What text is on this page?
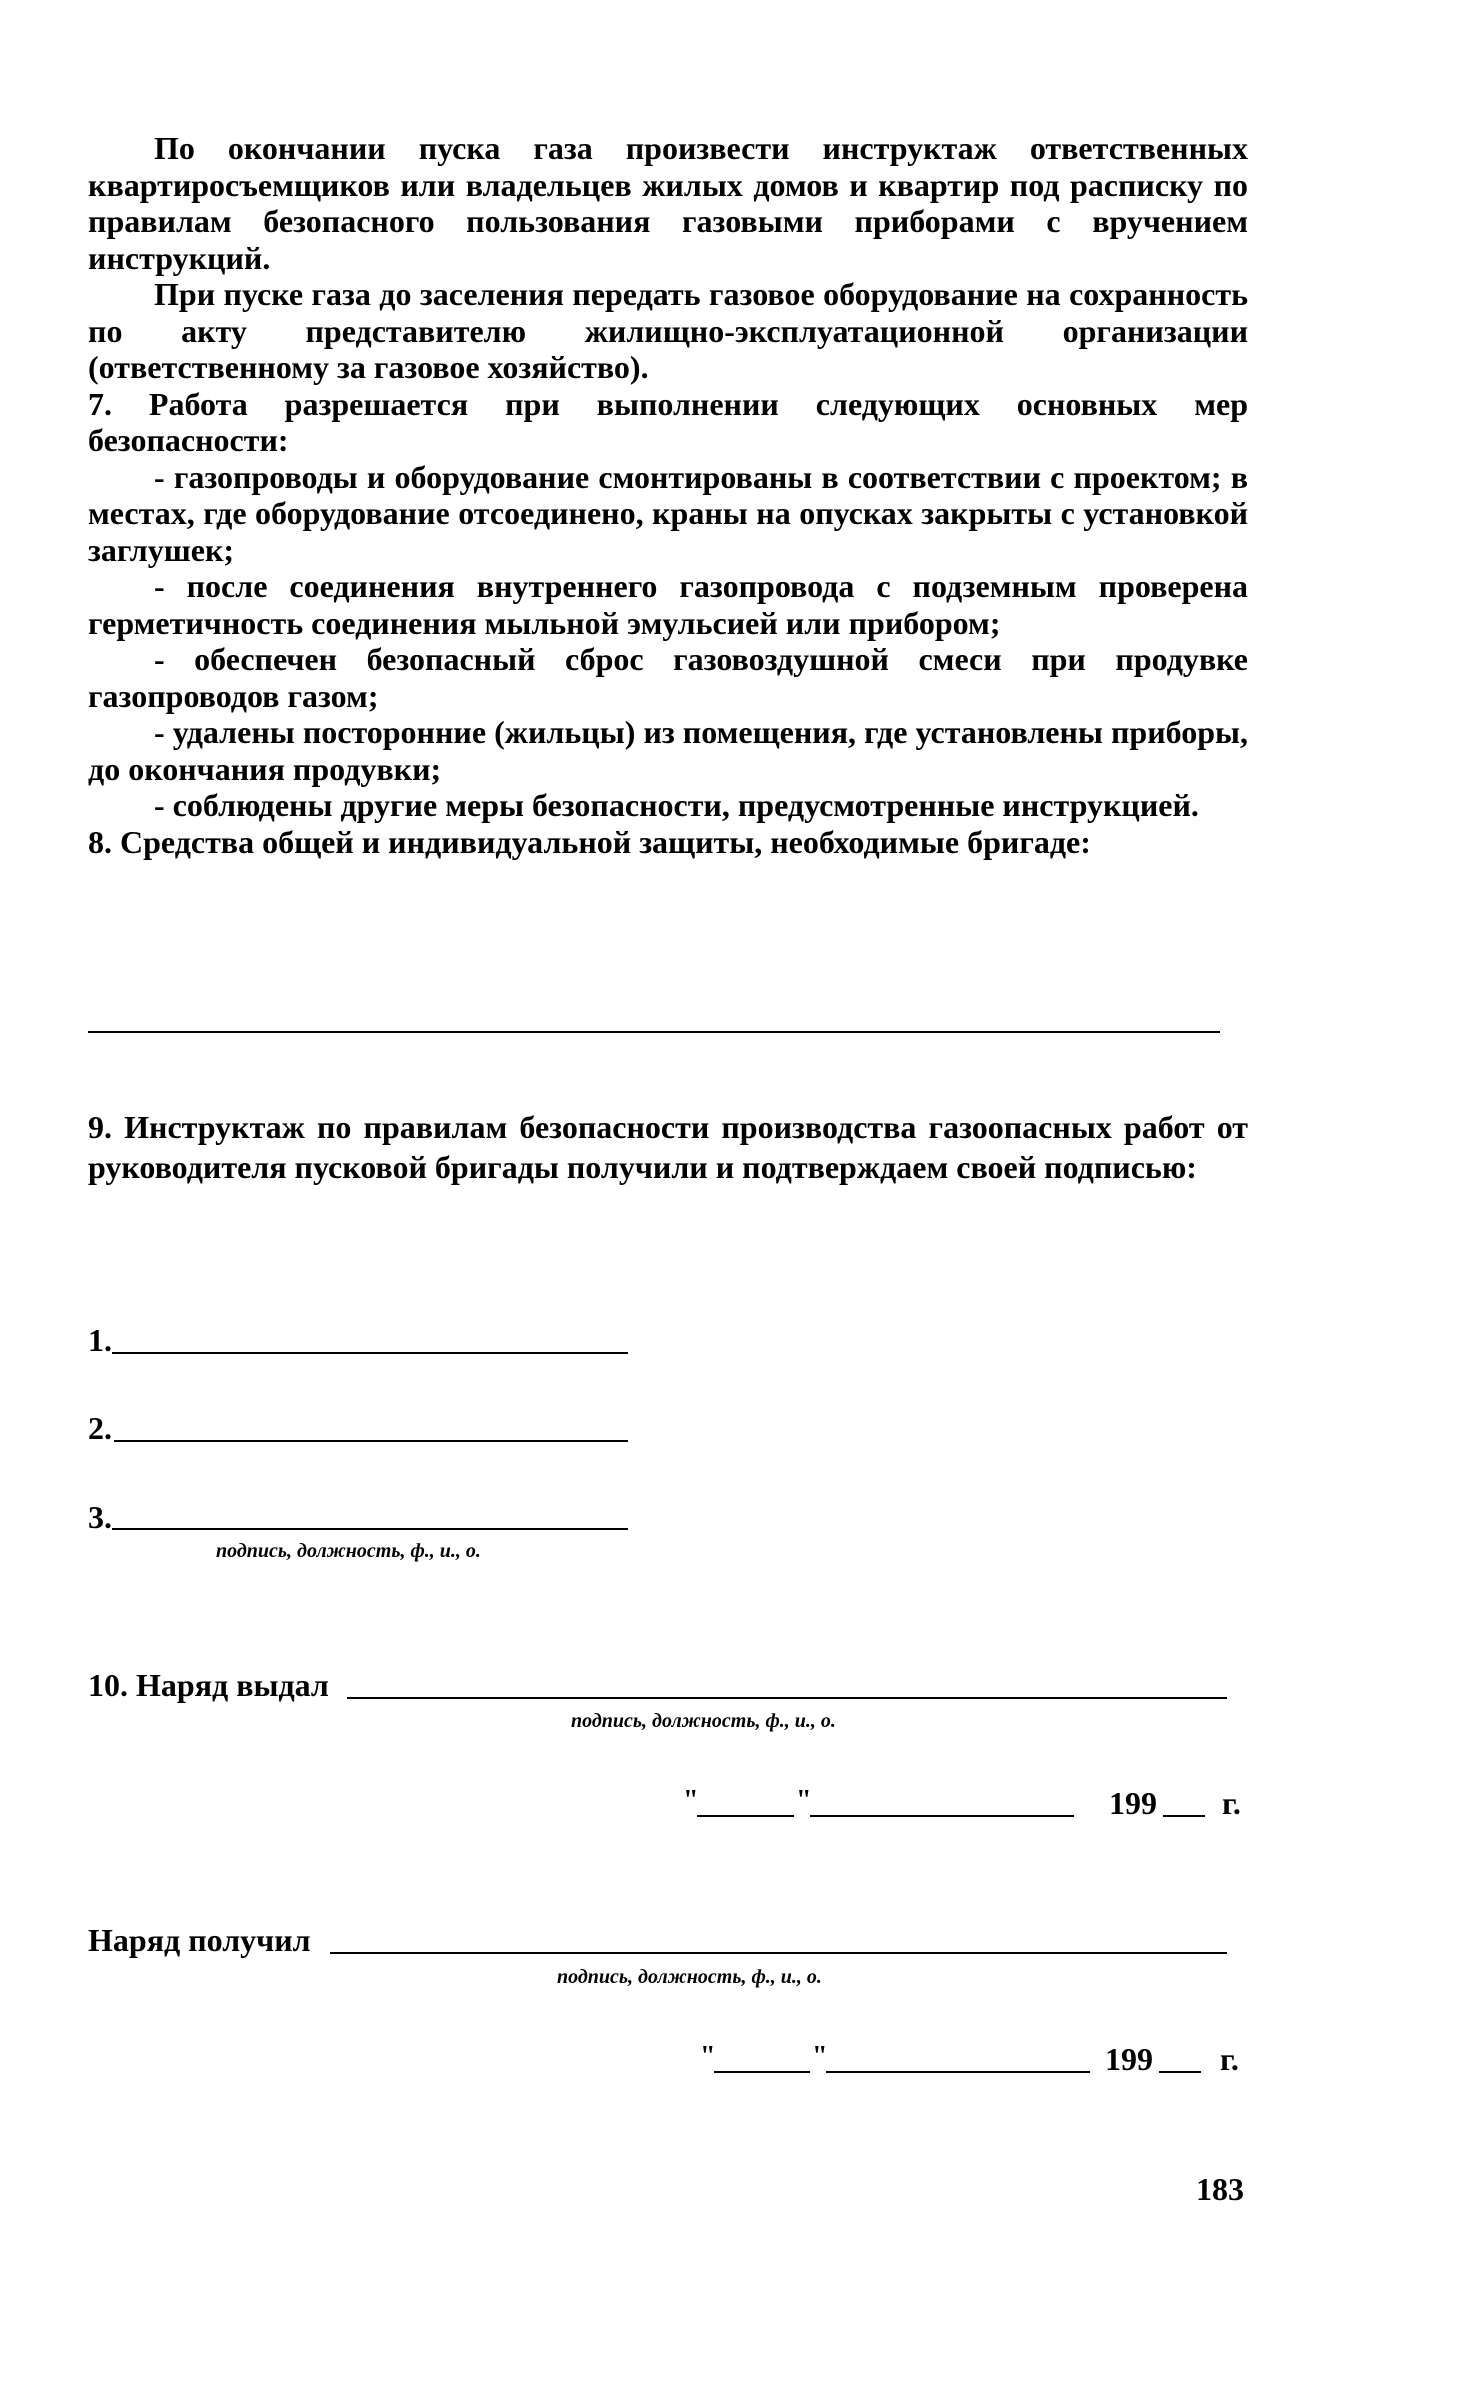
По окончании пуска газа произвести инструктаж ответственных квартиросъемщиков или владельцев жилых домов и квартир под расписку по правилам безопасного пользования газовыми приборами с вручением инструкций.

При пуске газа до заселения передать газовое оборудование на сохранность по акту представителю жилищно-эксплуатационной организации (ответственному за газовое хозяйство).

7. Работа разрешается при выполнении следующих основных мер безопасности:

- газопроводы и оборудование смонтированы в соответствии с проектом; в местах, где оборудование отсоединено, краны на опусках закрыты с установкой заглушек;

- после соединения внутреннего газопровода с подземным проверена герметичность соединения мыльной эмульсией или прибором;

- обеспечен безопасный сброс газовоздушной смеси при продувке газопроводов газом;

- удалены посторонние (жильцы) из помещения, где установлены приборы, до окончания продувки;

- соблюдены другие меры безопасности, предусмотренные инструкцией.

8. Средства общей и индивидуальной защиты, необходимые бригаде:

9. Инструктаж по правилам безопасности производства газоопасных работ от руководителя пусковой бригады получили и подтверждаем своей подписью:

1.
2.
3.
подпись, должность, ф., и., о.
10. Наряд выдал
подпись, должность, ф., и., о.
"	"	199 г.
Наряд получил
подпись, должность, ф., и., о.
"	"	199 г.
183
